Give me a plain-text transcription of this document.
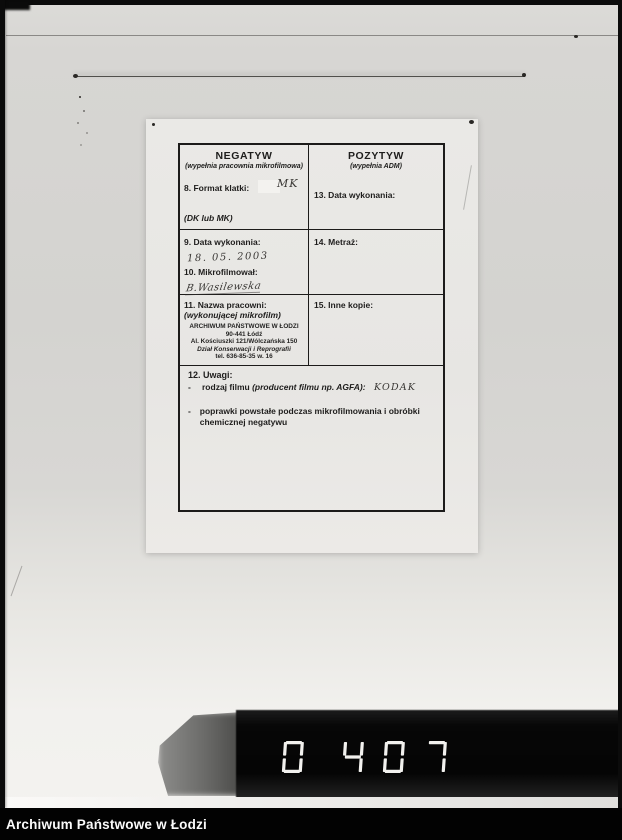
NEGATYW
(wypełnia pracownia mikrofilmowa)
8. Format klatki:	MK
(DK lub MK)
POZYTYW
(wypełnia ADM)
13. Data wykonania:
9. Data wykonania:
18. 05. 2003
10. Mikrofilmował:
B.Wasilewska
14. Metraż:
11. Nazwa pracowni:
(wykonującej mikrofilm)
ARCHIWUM PAŃSTWOWE W ŁODZI
90-441 Łódź
Al. Kościuszki 121/Wólczańska 150
Dział Konserwacji i Reprografii
tel. 636-85-35 w. 16
15. Inne kopie:
12. Uwagi:
-	rodzaj filmu (producent filmu np. AGFA): KODAK
-	poprawki powstałe podczas mikrofilmowania i obróbki chemicznej negatywu
Archiwum Państwowe w Łodzi
